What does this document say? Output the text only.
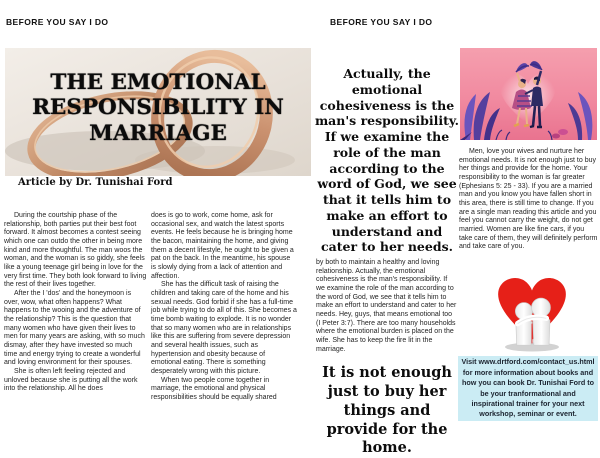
BEFORE YOU SAY I DO
THE EMOTIONAL RESPONSIBILITY IN MARRIAGE
Article by Dr. Tunishai Ford

During the courtship phase of the relationship, both parties put their best foot forward. It almost becomes a contest seeing which one can outdo the other in being more kind and more thoughtful. The man woos the woman, and the woman is so giddy, she feels like a young teenage girl being in love for the very first time. They both look forward to living the rest of their lives together.

After the I 'dos' and the honeymoon is over, wow, what often happens? What happens to the wooing and the adventure of the relationship? This is the question that many women who have given their lives to men for many years are asking, with so much dismay, after they have invested so much time and energy trying to create a wonderful and loving environment for their spouses.

She is often left feeling rejected and unloved because she is putting all the work into the relationship. All he does

does is go to work, come home, ask for occasional sex, and watch the latest sports events. He feels because he is bringing home the bacon, maintaining the home, and giving them a decent lifestyle, he ought to be given a pat on the back. In the meantime, his spouse is slowly dying from a lack of attention and affection.

She has the difficult task of raising the children and taking care of the home and his sexual needs. God forbid if she has a full-time job while trying to do all of this. She becomes a time bomb waiting to explode. It is no wonder that so many women who are in relationships like this are suffering from severe depression and several health issues, such as hypertension and obesity because of emotional eating. There is something desperately wrong with this picture.

When two people come together in marriage, the emotional and physical responsibilities should be equally shared

BEFORE YOU SAY I DO
Actually, the emotional cohesiveness is the man's responsibility. If we examine the role of the man according to the word of God, we see that it tells him to make an effort to understand and cater to her needs.

by both to maintain a healthy and loving relationship. Actually, the emotional cohesiveness is the man's responsibility. If we examine the role of the man according to the word of God, we see that it tells him to make an effort to understand and cater to her needs. Hey, guys, that means emotional too (I Peter 3:7). There are too many households where the emotional burden is placed on the wife. She has to keep the fire lit in the marriage.

It is not enough just to buy her things and provide for the home.

Men, love your wives and nurture her emotional needs. It is not enough just to buy her things and provide for the home. Your responsibility to the woman is far greater (Ephesians 5: 25 - 33). If you are a married man and you know you have fallen short in this area, there is still time to change. If you are a single man reading this article and you feel you cannot carry the weight, do not get married. Women are like fine cars, if you take care of them, they will definitely perform and take care of you.

Visit www.drtford.com/contact_us.html for more information about books and how you can book Dr. Tunishai Ford to be your tranformational and inspirational trainer for your next workshop, seminar or event.
